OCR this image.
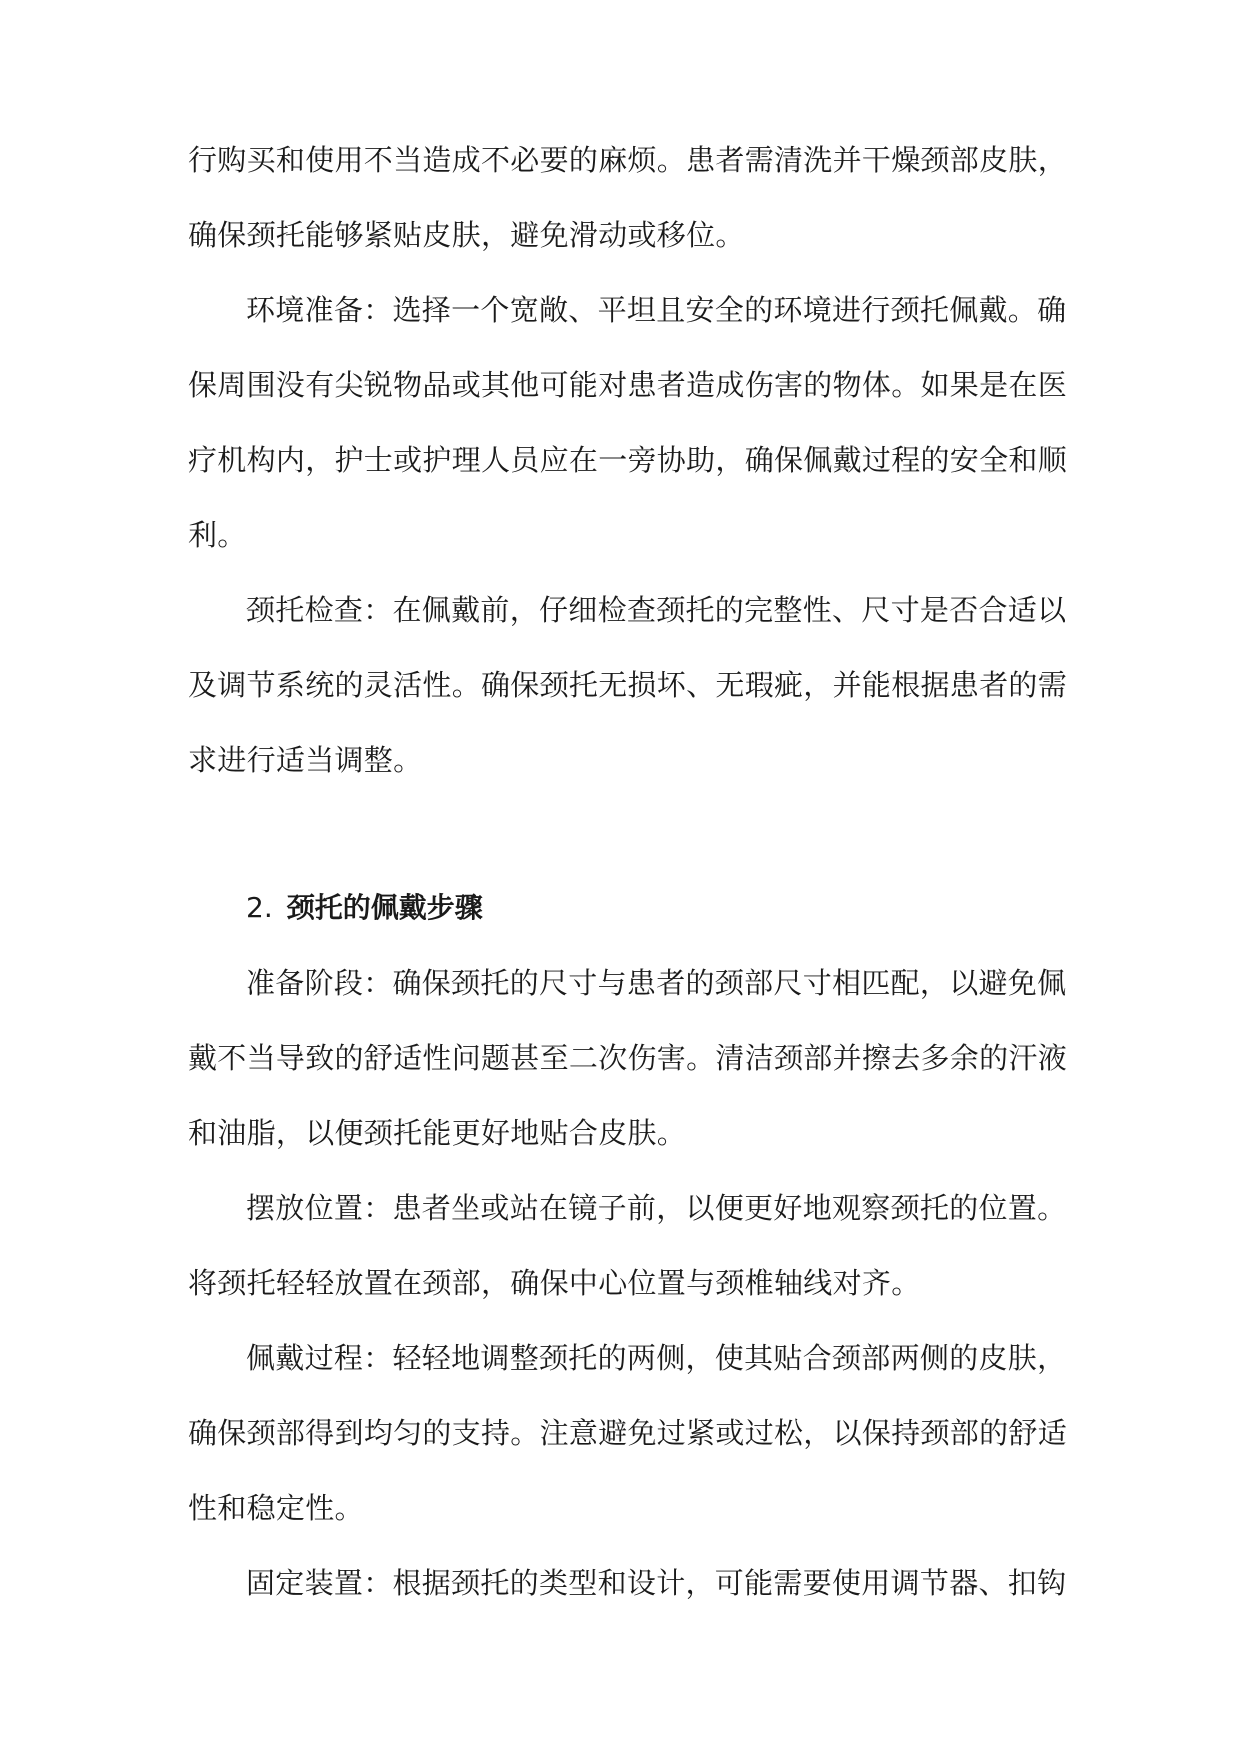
行购买和使用不当造成不必要的麻烦。患者需清洗并干燥颈部皮肤，
确保颈托能够紧贴皮肤，避免滑动或移位。
环境准备：选择一个宽敞、平坦且安全的环境进行颈托佩戴。确
保周围没有尖锐物品或其他可能对患者造成伤害的物体。如果是在医
疗机构内，护士或护理人员应在一旁协助，确保佩戴过程的安全和顺
利。
颈托检查：在佩戴前，仔细检查颈托的完整性、尺寸是否合适以
及调节系统的灵活性。确保颈托无损坏、无瑕疵，并能根据患者的需
求进行适当调整。
2. 颈托的佩戴步骤
准备阶段：确保颈托的尺寸与患者的颈部尺寸相匹配，以避免佩
戴不当导致的舒适性问题甚至二次伤害。清洁颈部并擦去多余的汗液
和油脂，以便颈托能更好地贴合皮肤。
摆放位置：患者坐或站在镜子前，以便更好地观察颈托的位置。
将颈托轻轻放置在颈部，确保中心位置与颈椎轴线对齐。
佩戴过程：轻轻地调整颈托的两侧，使其贴合颈部两侧的皮肤，
确保颈部得到均匀的支持。注意避免过紧或过松，以保持颈部的舒适
性和稳定性。
固定装置：根据颈托的类型和设计，可能需要使用调节器、扣钩
